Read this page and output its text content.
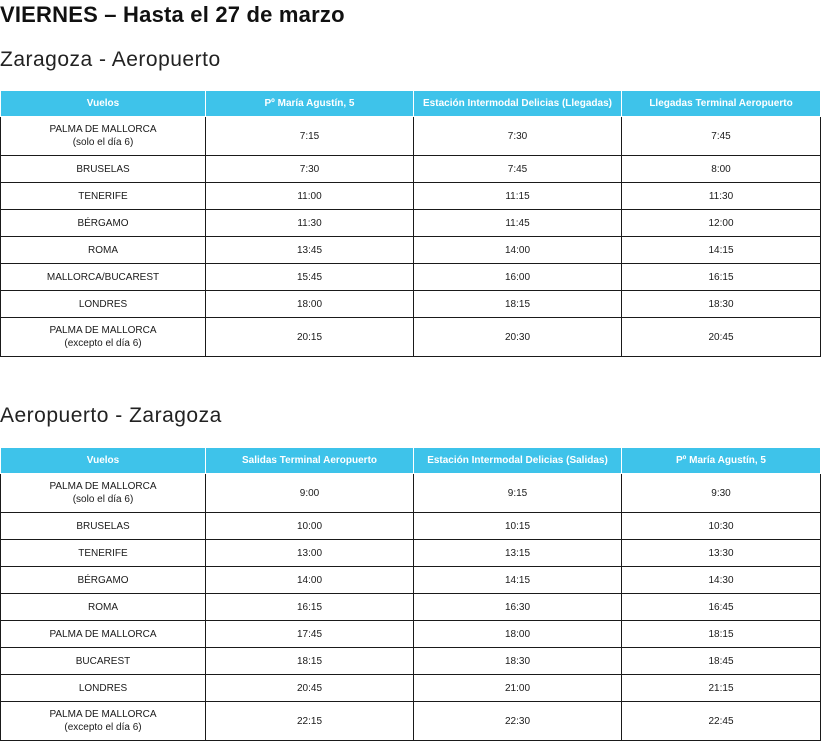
VIERNES – Hasta el 27 de marzo
Zaragoza - Aeropuerto
Vuelos	Pº María Agustín, 5	Estación Intermodal Delicias (Llegadas)	Llegadas Terminal Aeropuerto

PALMA DE MALLORCA
(solo el día 6)	7:15	7:30	7:45

BRUSELAS	7:30	7:45	8:00

TENERIFE	11:00	11:15	11:30

BÉRGAMO	11:30	11:45	12:00

ROMA	13:45	14:00	14:15

MALLORCA/BUCAREST	15:45	16:00	16:15

LONDRES	18:00	18:15	18:30

PALMA DE MALLORCA
(excepto el día 6)	20:15	20:30	20:45
Aeropuerto - Zaragoza
Vuelos	Salidas Terminal Aeropuerto	Estación Intermodal Delicias (Salidas)	Pº María Agustín, 5

PALMA DE MALLORCA
(solo el día 6)	9:00	9:15	9:30

BRUSELAS	10:00	10:15	10:30

TENERIFE	13:00	13:15	13:30

BÉRGAMO	14:00	14:15	14:30

ROMA	16:15	16:30	16:45

PALMA DE MALLORCA	17:45	18:00	18:15

BUCAREST	18:15	18:30	18:45

LONDRES	20:45	21:00	21:15

PALMA DE MALLORCA
(excepto el día 6)	22:15	22:30	22:45
